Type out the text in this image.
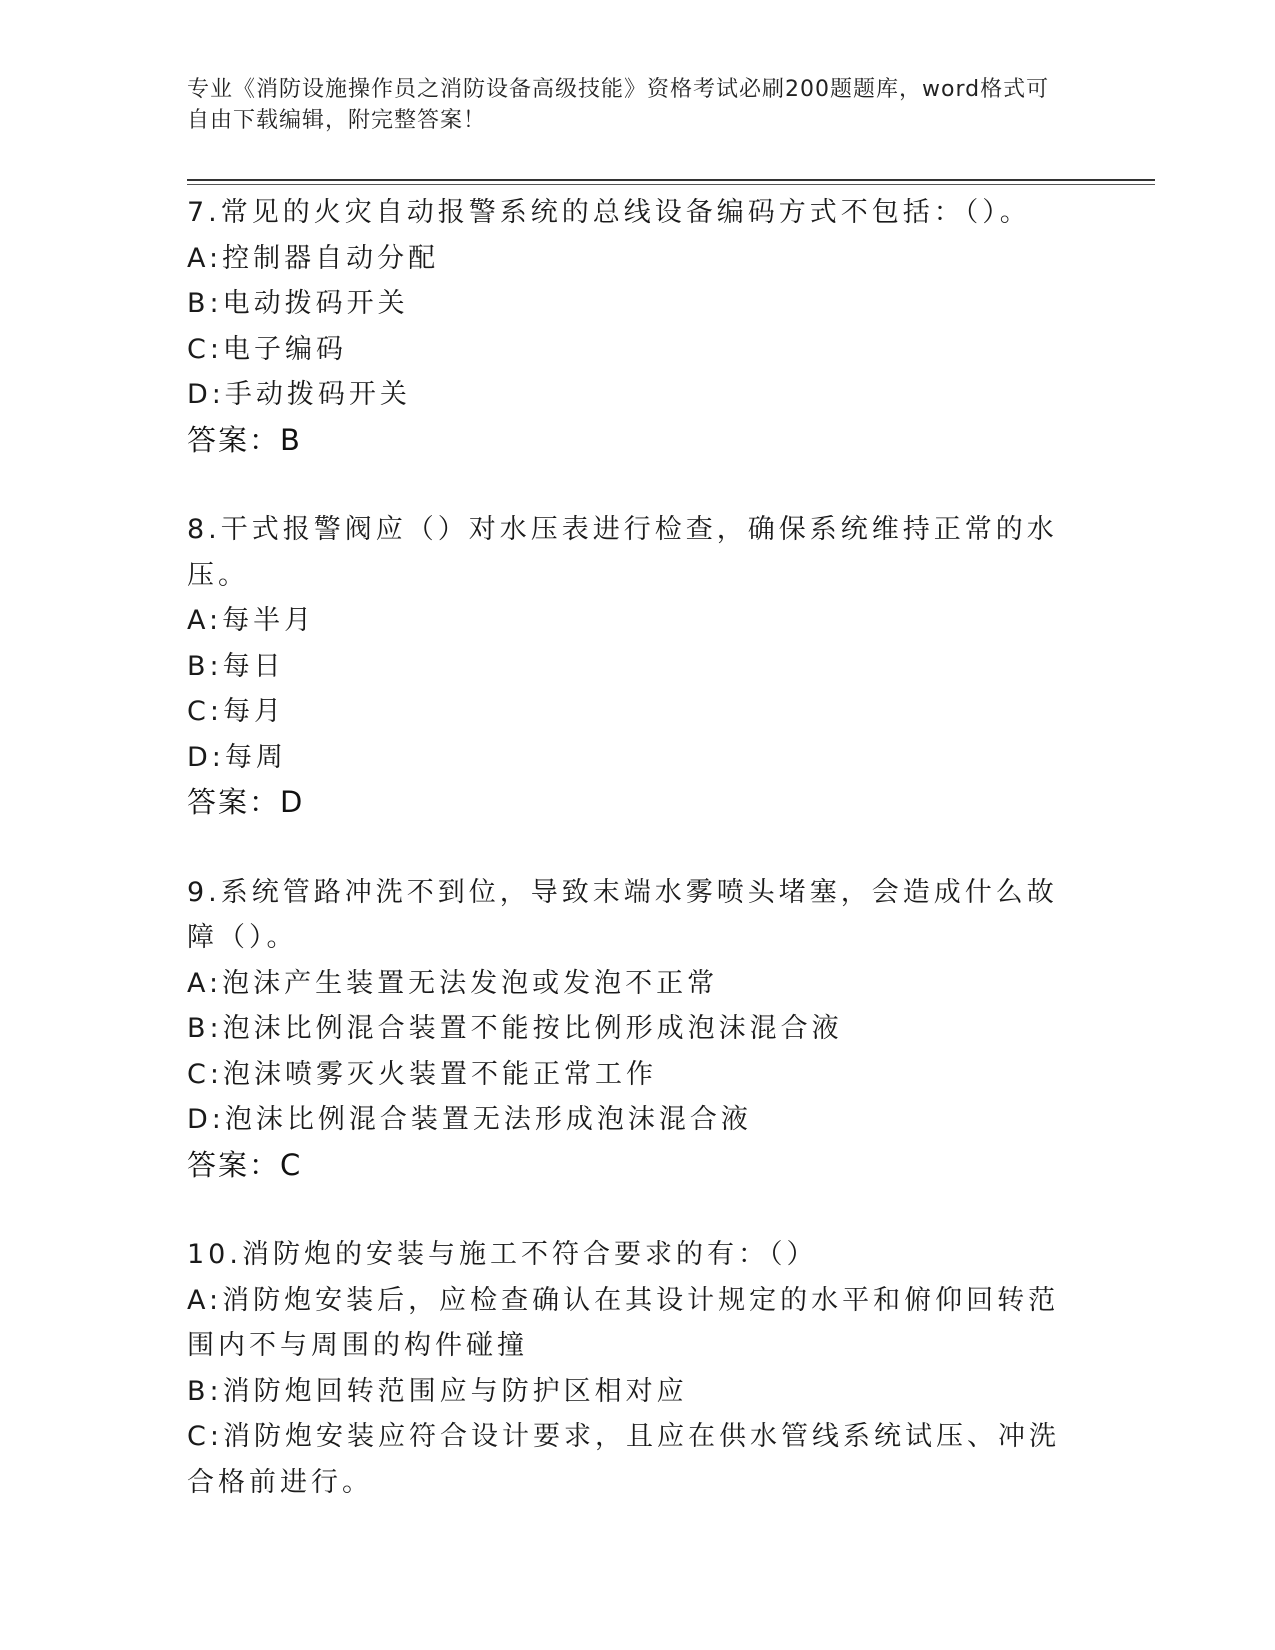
专业《消防设施操作员之消防设备高级技能》资格考试必刷200题题库，word格式可自由下载编辑，附完整答案！
7.常见的火灾自动报警系统的总线设备编码方式不包括：（）。
A:控制器自动分配
B:电动拨码开关
C:电子编码
D:手动拨码开关
答案：B
8.干式报警阀应（）对水压表进行检查，确保系统维持正常的水压。
A:每半月
B:每日
C:每月
D:每周
答案：D
9.系统管路冲洗不到位，导致末端水雾喷头堵塞，会造成什么故障（）。
A:泡沫产生装置无法发泡或发泡不正常
B:泡沫比例混合装置不能按比例形成泡沫混合液
C:泡沫喷雾灭火装置不能正常工作
D:泡沫比例混合装置无法形成泡沫混合液
答案：C
10.消防炮的安装与施工不符合要求的有：（）
A:消防炮安装后，应检查确认在其设计规定的水平和俯仰回转范围内不与周围的构件碰撞
B:消防炮回转范围应与防护区相对应
C:消防炮安装应符合设计要求，且应在供水管线系统试压、冲洗合格前进行。
